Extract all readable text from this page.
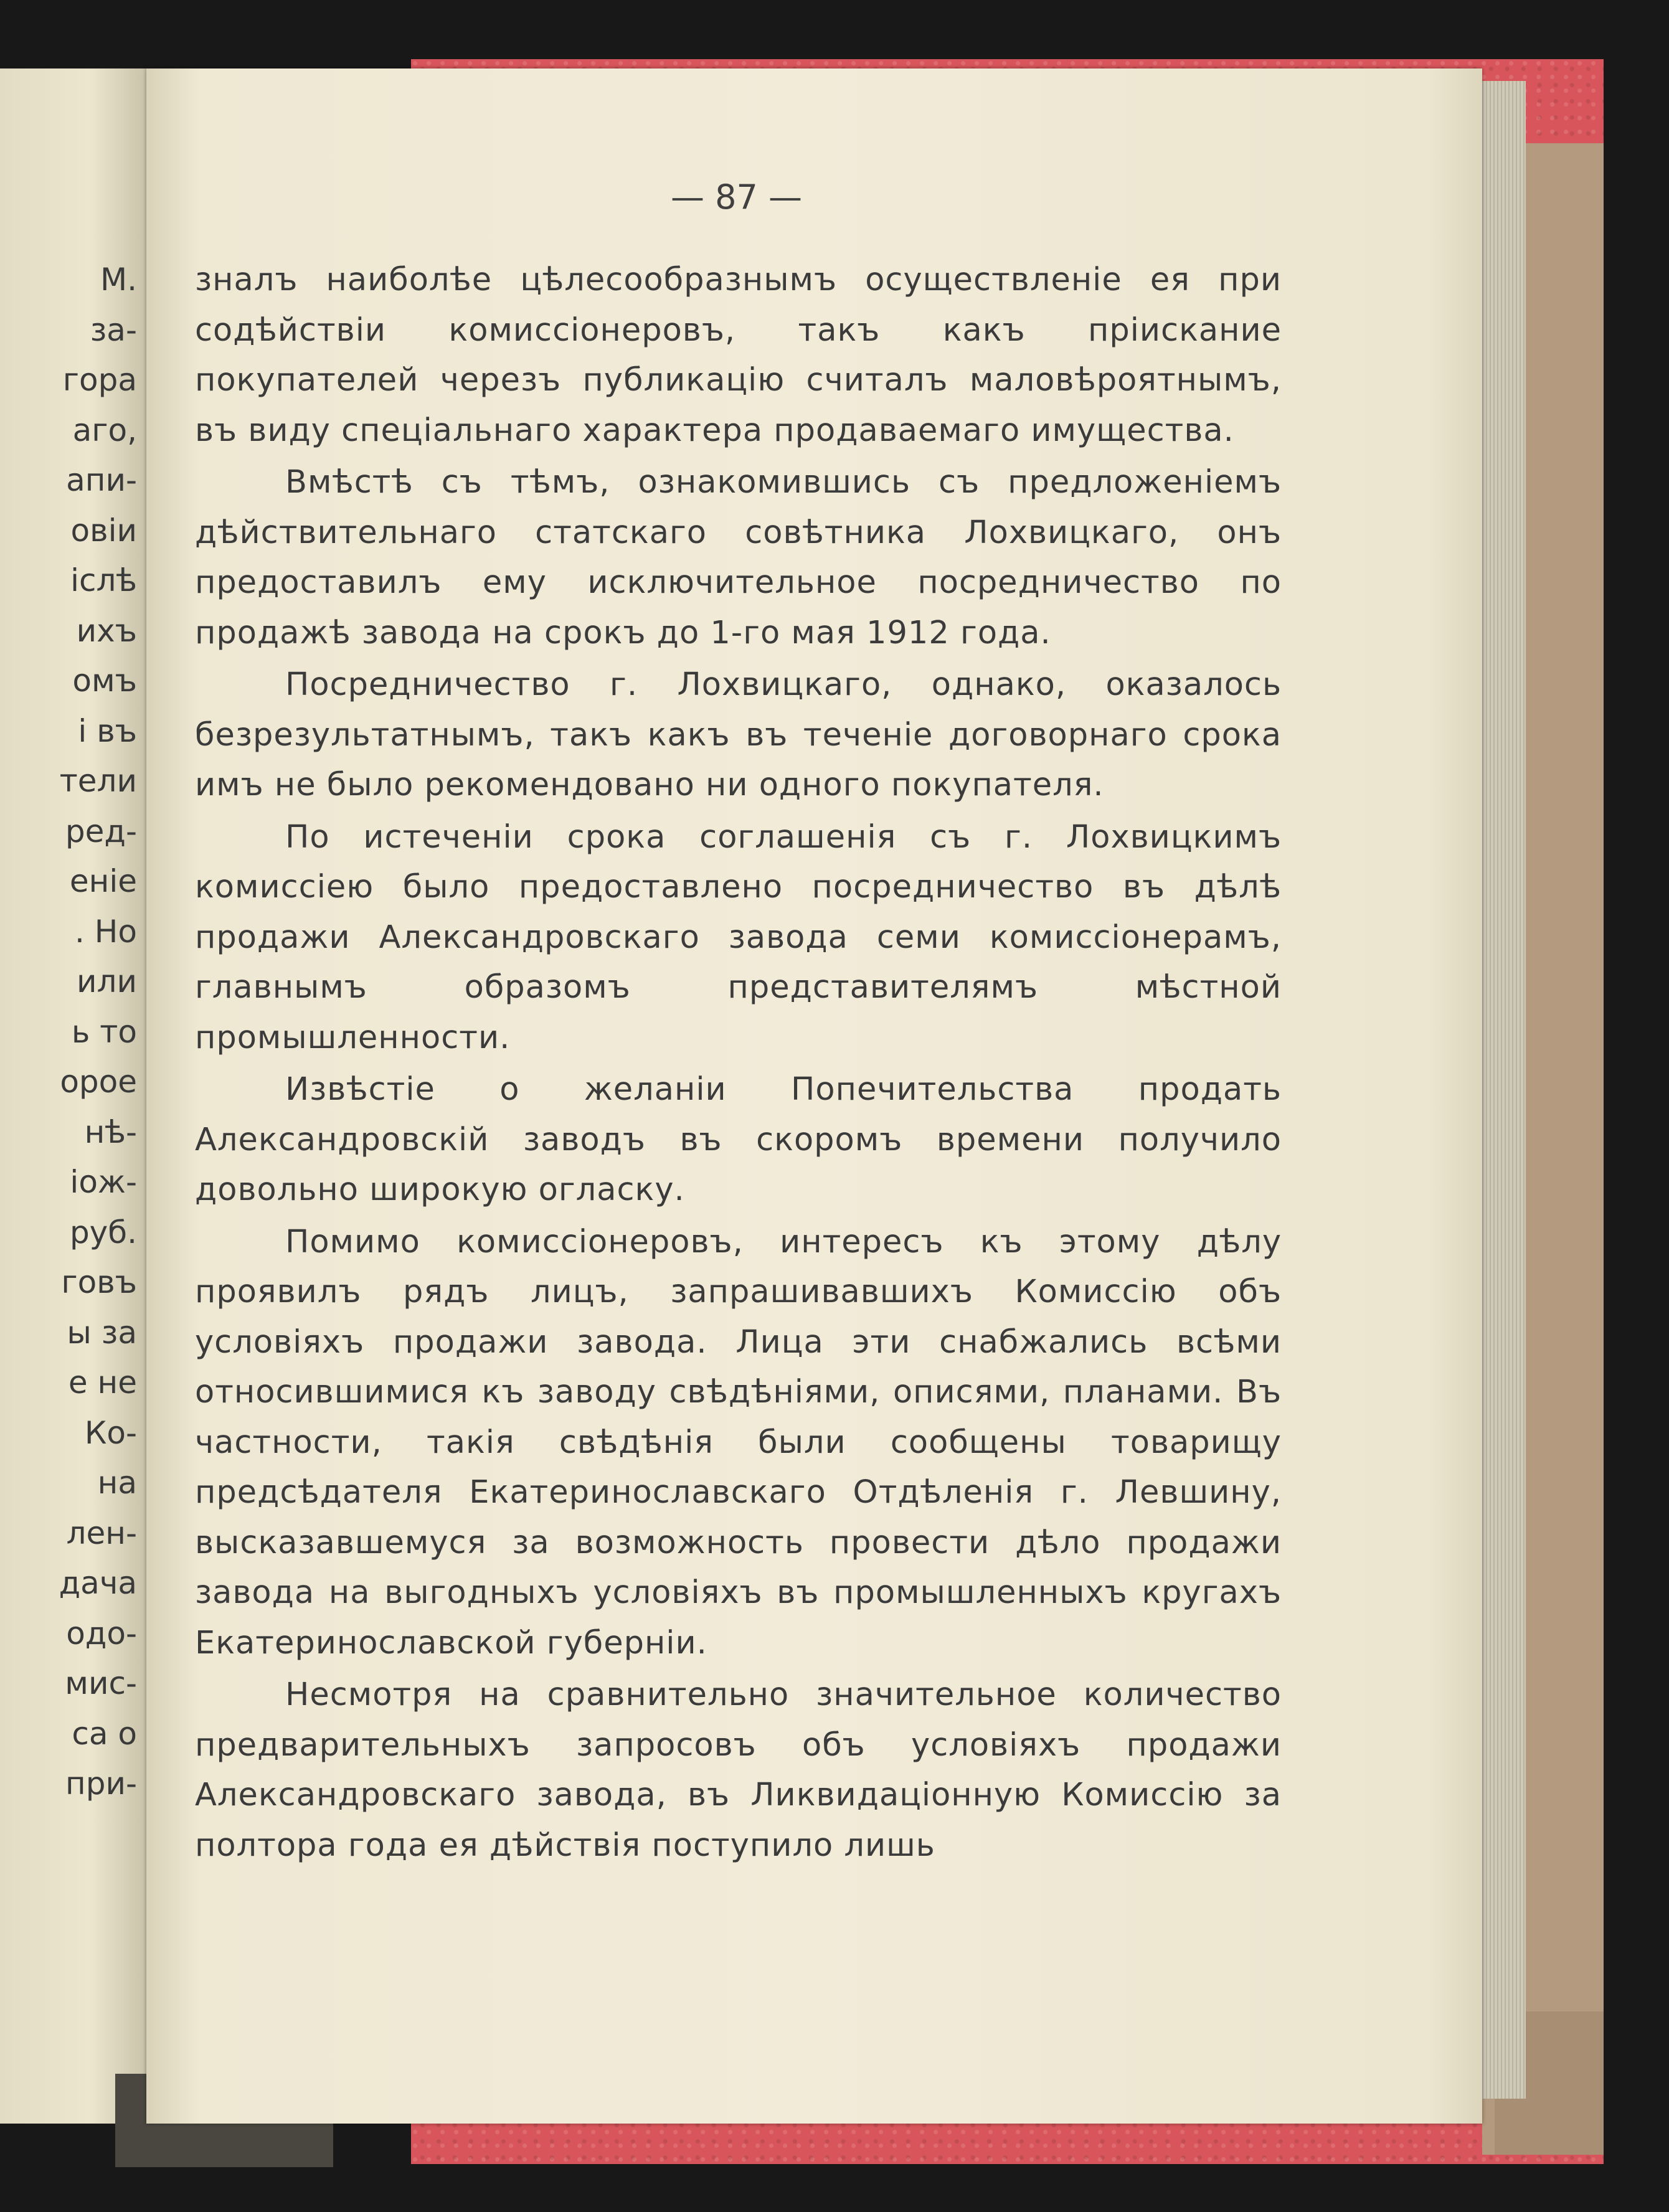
М.
за-
гора
аго,
апи-
овіи
іслѣ
ихъ
омъ
і въ
тели
ред-
еніе
. Но
или
ь то
орое
нѣ-
іож-
руб.
говъ
ы за
е не
Ко-
на
лен-
дача
одо-
мис-
са о
при-
— 87 —

зналъ наиболѣе цѣлесообразнымъ осуществленіе ея при содѣйствіи комиссіонеровъ, такъ какъ пріискание покупателей черезъ публикацію считалъ маловѣроятнымъ, въ виду спеціальнаго характера продаваемаго имущества.

Вмѣстѣ съ тѣмъ, ознакомившись съ предложеніемъ дѣйствительнаго статскаго совѣтника Лохвицкаго, онъ предоставилъ ему исключительное посредничество по продажѣ завода на срокъ до 1-го мая 1912 года.

Посредничество г. Лохвицкаго, однако, оказалось безрезультатнымъ, такъ какъ въ теченіе договорнаго срока имъ не было рекомендовано ни одного покупателя.

По истеченіи срока соглашенія съ г. Лохвицкимъ комиссіею было предоставлено посредничество въ дѣлѣ продажи Александровскаго завода семи комиссіонерамъ, главнымъ образомъ представителямъ мѣстной промышленности.

Извѣстіе о желаніи Попечительства продать Александровскій заводъ въ скоромъ времени получило довольно широкую огласку.

Помимо комиссіонеровъ, интересъ къ этому дѣлу проявилъ рядъ лицъ, запрашивавшихъ Комиссію объ условіяхъ продажи завода. Лица эти снабжались всѣми относившимися къ заводу свѣдѣніями, описями, планами. Въ частности, такія свѣдѣнія были сообщены товарищу предсѣдателя Екатеринославскаго Отдѣленія г. Левшину, высказавшемуся за возможность провести дѣло продажи завода на выгодныхъ условіяхъ въ промышленныхъ кругахъ Екатеринославской губерніи.

Несмотря на сравнительно значительное количество предварительныхъ запросовъ объ условіяхъ продажи Александровскаго завода, въ Ликвидаціонную Комиссію за полтора года ея дѣйствія поступило лишь
